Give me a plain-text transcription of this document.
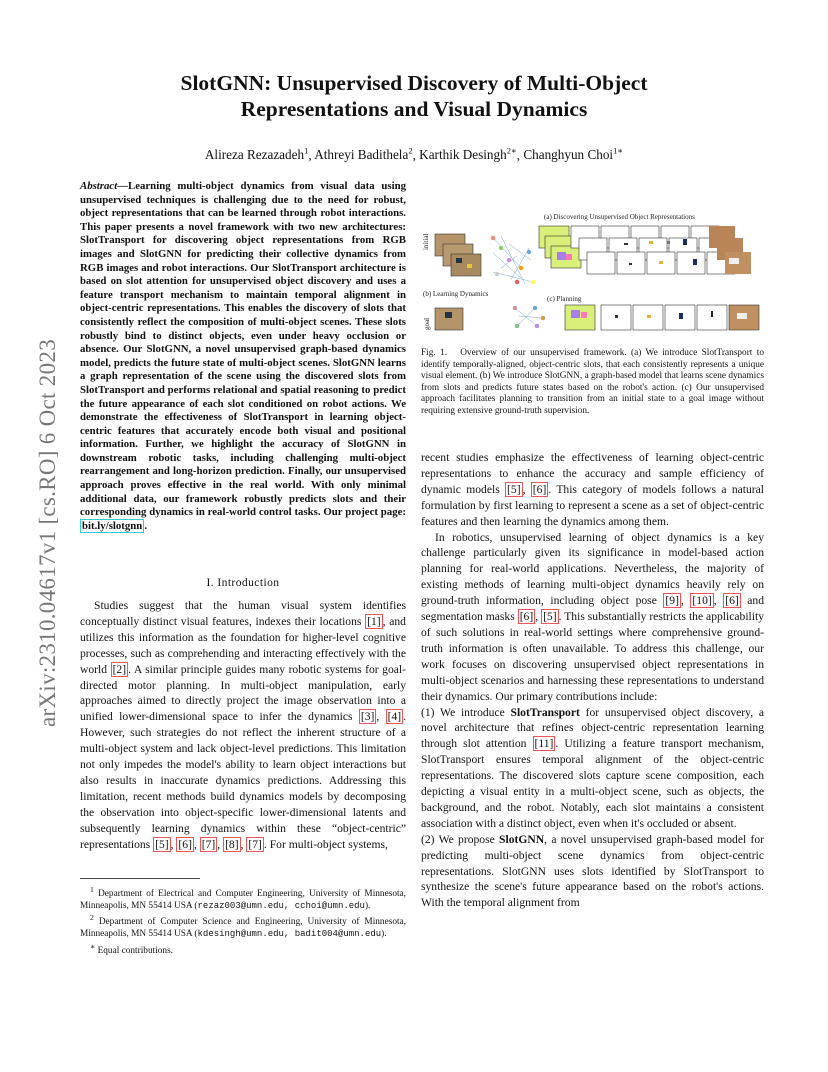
SlotGNN: Unsupervised Discovery of Multi-Object
Representations and Visual Dynamics
Alireza Rezazadeh$^1$, Athreyi Badithela$^2$, Karthik Desingh$^{2∗}$, Changhyun Choi$^{1∗}$
arXiv:2310.04617v1 [cs.RO] 6 Oct 2023
Abstract—Learning multi-object dynamics from visual data using unsupervised techniques is challenging due to the need for robust, object representations that can be learned through robot interactions. This paper presents a novel framework with two new architectures: SlotTransport for discovering object representations from RGB images and SlotGNN for predicting their collective dynamics from RGB images and robot interactions. Our SlotTransport architecture is based on slot attention for unsupervised object discovery and uses a feature transport mechanism to maintain temporal alignment in object-centric representations. This enables the discovery of slots that consistently reflect the composition of multi-object scenes. These slots robustly bind to distinct objects, even under heavy occlusion or absence. Our SlotGNN, a novel unsupervised graph-based dynamics model, predicts the future state of multi-object scenes. SlotGNN learns a graph representation of the scene using the discovered slots from SlotTransport and performs relational and spatial reasoning to predict the future appearance of each slot conditioned on robot actions. We demonstrate the effectiveness of SlotTransport in learning object-centric features that accurately encode both visual and positional information. Further, we highlight the accuracy of SlotGNN in downstream robotic tasks, including challenging multi-object rearrangement and long-horizon prediction. Finally, our unsupervised approach proves effective in the real world. With only minimal additional data, our framework robustly predicts slots and their corresponding dynamics in real-world control tasks. Our project page: bit.ly/slotgnn .
I. Introduction

Studies suggest that the human visual system identifies conceptually distinct visual features, indexes their locations [1] , and utilizes this information as the foundation for higher-level cognitive processes, such as comprehending and interacting effectively with the world [2] . A similar principle guides many robotic systems for goal-directed motor planning. In multi-object manipulation, early approaches aimed to directly project the image observation into a unified lower-dimensional space to infer the dynamics [3] , [4] . However, such strategies do not reflect the inherent structure of a multi-object system and lack object-level predictions. This limitation not only impedes the model's ability to learn object interactions but also results in inaccurate dynamics predictions. Addressing this limitation, recent methods build dynamics models by decomposing the observation into object-specific lower-dimensional latents and subsequently learning dynamics within these “object-centric” representations [5] , [6] , [7] , [8] , [7] . For multi-object systems,

$^1$ Department of Electrical and Computer Engineering, University of Minnesota, Minneapolis, MN 55414 USA (rezaz003@umn.edu, cchoi@umn.edu).

$^2$ Department of Computer Science and Engineering, University of Minnesota, Minneapolis, MN 55414 USA (kdesingh@umn.edu, badit004@umn.edu).

∗ Equal contributions.

(a) Discovering Unsupervised Object Representations
initial
(b) Learning Dynamics
(c) Planning
goal
Fig. 1. Overview of our unsupervised framework. (a) We introduce SlotTransport to identify temporally-aligned, object-centric slots, that each consistently represents a unique visual element. (b) We introduce SlotGNN, a graph-based model that learns scene dynamics from slots and predicts future states based on the robot's action. (c) Our unsupervised approach facilitates planning to transition from an initial state to a goal image without requiring extensive ground-truth supervision.

recent studies emphasize the effectiveness of learning object-centric representations to enhance the accuracy and sample efficiency of dynamic models [5] , [6] . This category of models follows a natural formulation by first learning to represent a scene as a set of object-centric features and then learning the dynamics among them.

In robotics, unsupervised learning of object dynamics is a key challenge particularly given its significance in model-based action planning for real-world applications. Nevertheless, the majority of existing methods of learning multi-object dynamics heavily rely on ground-truth information, including object pose [9] , [10] , [6] and segmentation masks [6] , [5] . This substantially restricts the applicability of such solutions in real-world settings where comprehensive ground-truth information is often unavailable. To address this challenge, our work focuses on discovering unsupervised object representations in multi-object scenarios and harnessing these representations to understand their dynamics. Our primary contributions include:

(1) We introduce SlotTransport for unsupervised object discovery, a novel architecture that refines object-centric representation learning through slot attention [11] . Utilizing a feature transport mechanism, SlotTransport ensures temporal alignment of the object-centric representations. The discovered slots capture scene composition, each depicting a visual entity in a multi-object scene, such as objects, the background, and the robot. Notably, each slot maintains a consistent association with a distinct object, even when it's occluded or absent.

(2) We propose SlotGNN, a novel unsupervised graph-based model for predicting multi-object scene dynamics from object-centric representations. SlotGNN uses slots identified by SlotTransport to synthesize the scene's future appearance based on the robot's actions. With the temporal alignment from
